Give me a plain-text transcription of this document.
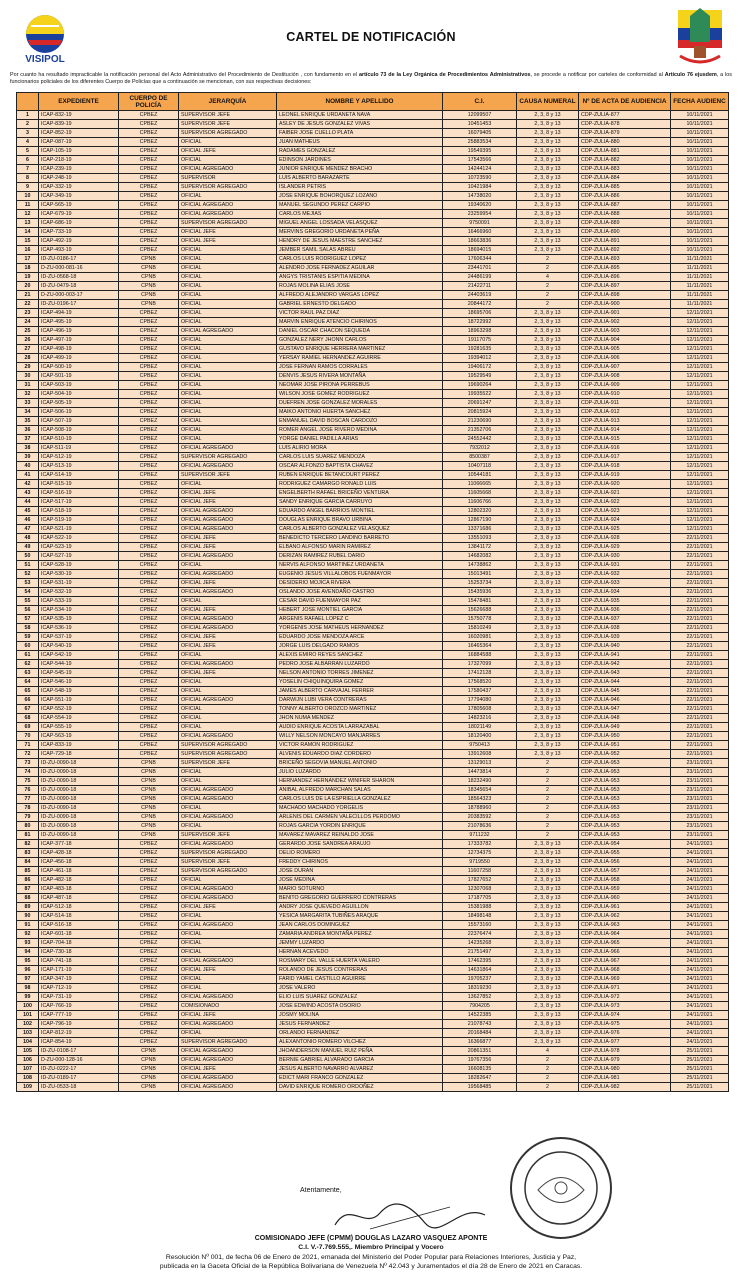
VISIPOL
CARTEL DE NOTIFICACIÓN
Por cuanto ha resultado impracticable la notificación personal del Acto Administrativo del Procedimiento de Destitución , con fundamento en el artículo 73 de la Ley Orgánica de Procedimientos Administrativos, se procede a notificar por carteles de conformidad al Artículo 76 ejusdem, a los funcionarios policiales de los diferentes Cuerpo de Policías que a continuación se mencionan, con sus respectivas decisiones:
	EXPEDIENTE	CUERPO DE POLICÍA	JERARQUÍA	NOMBRE Y APELLIDO	C.I.	CAUSA NUMERAL	Nº DE ACTA DE AUDIENCIA	FECHA AUDIENC
1	ICAP-832-19	CPBEZ	SUPERVISOR JEFE	LEONEL ENRIQUE URDANETA NAVA	12099507	2, 3, 8 y 13	CDP-ZULIA-877	10/11/2021
2	ICAP-839-19	CPBEZ	SUPERVISOR JEFE	ASLEY DE JESUS GONZALEZ VIVAS	10451453	2, 3, 8 y 13	CDP-ZULIA-878	10/11/2021
3	ICAP-852-19	CPBEZ	SUPERVISOR AGREGADO	FAIBER JOSE CUELLO PLATA	16079405	2, 3, 8 y 13	CDP-ZULIA-879	10/11/2021
4	ICAP-087-19	CPBEZ	OFICIAL	JUAN MATHEUS	25883534	2, 3, 8 y 13	CDP-ZULIA-880	10/11/2021
5	ICAP-105-19	CPBEZ	OFICIAL JEFE	RADAMES GONZALEZ	19549395	2, 3, 8 y 13	CDP-ZULIA-881	10/11/2021
6	ICAP-218-19	CPBEZ	OFICIAL	EDINSON JARDINES	17543566	2, 3, 8 y 13	CDP-ZULIA-882	10/11/2021
7	ICAP-239-19	CPBEZ	OFICIAL AGREGADO	JUNIOR ENRIQUE MENDEZ BRACHO	14244124	2, 3, 8 y 13	CDP-ZULIA-883	10/11/2021
8	ICAP-248-19	CPBEZ	SUPERVISOR	LUIS ALBERTO BARAZARTE	10723590	2, 3, 8 y 13	CDP-ZULIA-884	10/11/2021
9	ICAP-332-19	CPBEZ	SUPERVISOR AGREGADO	ISLANDER PETRIS	10421984	2, 3, 8 y 13	CDP-ZULIA-885	10/11/2021
10	ICAP-349-19	CPBEZ	OFICIAL	JOSE ENRIQUE BOHORQUEZ LOZANO	14738020	2, 3, 8 y 13	CDP-ZULIA-886	10/11/2021
11	ICAP-565-19	CPBEZ	OFICIAL AGREGADO	MANUEL SEGUNDO PEREZ CARPIO	19340620	2, 3, 8 y 13	CDP-ZULIA-887	10/11/2021
12	ICAP-679-19	CPBEZ	OFICIAL AGREGADO	CARLOS MEJIAS	23259954	2, 3, 8 y 13	CDP-ZULIA-888	10/11/2021
13	ICAP-686-19	CPBEZ	SUPERVISOR AGREGADO	MIGUEL ANGEL LOSSADA VELASQUEZ	9750091	2, 3, 8 y 13	CDP-ZULIA-889	10/11/2021
14	ICAP-733-19	CPBEZ	OFICIAL JEFE	MERVINS GREGORIO URDANETA PEÑA	16466960	2, 3, 8 y 13	CDP-ZULIA-890	10/11/2021
15	ICAP-492-19	CPBEZ	OFICIAL JEFE	HENDRY DE JESUS MAESTRE SANCHEZ	18663836	2, 3, 8 y 13	CDP-ZULIA-891	10/11/2021
16	ICAP-493-19	CPBEZ	OFICIAL	JEMBER SAMIL SALAS ABREU	18694015	2, 3, 8 y 13	CDP-ZULIA-892	10/11/2021
17	ID-ZU-0186-17	CPNB	OFICIAL	CARLOS LUIS RODRIGUEZ LOPEZ	17606344	2	CDP-ZULIA-893	11/11/2021
18	D-ZU-000-081-16	CPNB	OFICIAL	ALENDRO JOSE FERNADEZ AGUILAR	23441701	2	CDP-ZULIA-895	11/11/2021
19	ID-ZU-0568-18	CPNB	OFICIAL	ANGYS TRISTANIS ESPITIA MEDINA	24486199	4	CDP-ZULIA-896	11/11/2021
20	ID-ZU-0479-18	CPNB	OFICIAL	ROJAS MOLINA ELIAS JOSE	21422711	2	CDP-ZULIA-897	11/11/2021
21	D-ZU-000-003-17	CPNB	OFICIAL	ALFREDO ALEJANDRO VARGAS LOPEZ	24403619	2	CDP-ZULIA-898	11/11/2021
22	ID-ZU-0196-17	CPNB	OFICIAL	GABRIEL ERNESTO DELGADO	20844172	2	CDP-ZULIA-900	11/11/2021
23	ICAP-494-19	CPBEZ	OFICIAL	VICTOR RAUL PAZ DIAZ	18695706	2, 3, 8 y 13	CDP-ZULIA-901	12/11/2021
24	ICAP-495-19	CPBEZ	OFICIAL	MARVIN ENRIQUE ATENCIO CHIRINOS	18722992	2, 3, 8 y 13	CDP-ZULIA-902	12/11/2021
25	ICAP-496-19	CPBEZ	OFICIAL AGREGADO	DANIEL OSCAR CHACON SEQUEDA	18963298	2, 3, 8 y 13	CDP-ZULIA-903	12/11/2021
26	ICAP-497-19	CPBEZ	OFICIAL	GONZALEZ NERY JHONN CARLOS	19117075	2, 3, 8 y 13	CDP-ZULIA-904	12/11/2021
27	ICAP-498-19	CPBEZ	OFICIAL	GUSTAVO ENRIQUE HERRERA MARTINEZ	19281635	2, 3, 8 y 13	CDP-ZULIA-905	12/11/2021
28	ICAP-499-19	CPBEZ	OFICIAL	YERSAY RAMIEL HERNANDEZ AGUIRRE	19394012	2, 3, 8 y 13	CDP-ZULIA-906	12/11/2021
29	ICAP-500-19	CPBEZ	OFICIAL	JOSE FERNAN RAMOS CORRALES	19406172	2, 3, 8 y 13	CDP-ZULIA-907	12/11/2021
30	ICAP-501-19	CPBEZ	OFICIAL	DENVIS JESUS RIVERA MONTAÑA	19529549	2, 3, 8 y 13	CDP-ZULIA-908	12/11/2021
31	ICAP-503-19	CPBEZ	OFICIAL	NEOMAR JOSE PIRONA PERREBUS	19690264	2, 3, 8 y 13	CDP-ZULIA-909	12/11/2021
32	ICAP-504-19	CPBEZ	OFICIAL	WILSON JOSE GOMEZ RODRIGUEZ	19935522	2, 3, 8 y 13	CDP-ZULIA-910	12/11/2021
33	ICAP-505-19	CPBEZ	OFICIAL	DUEFREN JOSE GONZALEZ MORALES	20691247	2, 3, 8 y 13	CDP-ZULIA-911	12/11/2021
34	ICAP-506-19	CPBEZ	OFICIAL	MAIKO ANTONIO HUERTA SANCHEZ	20815924	2, 3, 8 y 13	CDP-ZULIA-912	12/11/2021
35	ICAP-507-19	CPBEZ	OFICIAL	ENMANUEL DAVID BOSCAN CARDOZO	21230690	2, 3, 8 y 13	CDP-ZULIA-913	12/11/2021
36	ICAP-508-19	CPBEZ	OFICIAL	ROMER ANGEL JOSE RIVERO MEDINA	21352706	2, 3, 8 y 13	CDP-ZULIA-914	12/11/2021
37	ICAP-510-19	CPBEZ	OFICIAL	YORGE DANIEL PADILLA ARIAS	24552442	2, 3, 8 y 13	CDP-ZULIA-915	12/11/2021
38	ICAP-511-19	CPBEZ	OFICIAL AGREGADO	LUIS ALIRIO MORA	7932012	2, 3, 8 y 13	CDP-ZULIA-916	12/11/2021
39	ICAP-512-19	CPBEZ	SUPERVISOR AGREGADO	CARLOS LUIS SUAREZ MENDOZA	8500387	2, 3, 8 y 13	CDP-ZULIA-917	12/11/2021
40	ICAP-513-19	CPBEZ	OFICIAL AGREGADO	OSCAR ALFONZO BAPTISTA CHAVEZ	10407118	2, 3, 8 y 13	CDP-ZULIA-918	12/11/2021
41	ICAP-514-19	CPBEZ	SUPERVISOR JEFE	RUBEN ENRIQUE BETANCOURT PEREZ	10544181	2, 3, 8 y 13	CDP-ZULIA-919	12/11/2021
42	ICAP-515-19	CPBEZ	OFICIAL	RODRIGUEZ CAMARGO RONALD LUIS	11066665	2, 3, 8 y 13	CDP-ZULIA-920	12/11/2021
43	ICAP-516-19	CPBEZ	OFICIAL JEFE	ENGELBERTH RAFAEL BRICEÑO VENTURA	11605668	2, 3, 8 y 13	CDP-ZULIA-921	12/11/2021
44	ICAP-517-19	CPBEZ	OFICIAL JEFE	SANDY ENRIQUE GARCIA CARRUYO	11606766	2, 3, 8 y 13	CDP-ZULIA-922	12/11/2021
45	ICAP-518-19	CPBEZ	OFICIAL AGREGADO	EDUARDO ANGEL BARRIOS MONTIEL	12802320	2, 3, 8 y 13	CDP-ZULIA-923	12/11/2021
46	ICAP-519-19	CPBEZ	OFICIAL AGREGADO	DOUGLAS ENRIQUE BRAVO URBINA	12867190	2, 3, 8 y 13	CDP-ZULIA-924	12/11/2021
47	ICAP-521-19	CPBEZ	OFICIAL AGREGADO	CARLOS ALBERTO GONZALEZ VELASQUEZ	13371686	2, 3, 8 y 13	CDP-ZULIA-925	12/11/2021
48	ICAP-522-19	CPBEZ	OFICIAL JEFE	BENEDICTO TERCERO LANDINO BARRETO	13551093	2, 3, 8 y 13	CDP-ZULIA-928	22/11/2021
49	ICAP-523-19	CPBEZ	OFICIAL JEFE	ELBANO ALFONSO MARIN RAMIREZ	13841172	2, 3, 8 y 13	CDP-ZULIA-929	22/11/2021
50	ICAP-527-19	CPBEZ	OFICIAL AGREGADO	DERIZAN RAMIREZ RUBEL DARIO	14682082	2, 3, 8 y 13	CDP-ZULIA-930	22/11/2021
51	ICAP-528-19	CPBEZ	OFICIAL	NERVIS ALFONSO MARTINEZ URDANETA	14738862	2, 3, 8 y 13	CDP-ZULIA-931	22/11/2021
52	ICAP-530-19	CPBEZ	OFICIAL AGREGADO	EUGENIO JESUS VILLALOBOS FUENMAYOR	15013491	2, 3, 8 y 13	CDP-ZULIA-932	22/11/2021
53	ICAP-531-19	CPBEZ	OFICIAL JEFE	DESIDERIO MOJICA RIVERA	15253734	2, 3, 8 y 13	CDP-ZULIA-933	22/11/2021
54	ICAP-532-19	CPBEZ	OFICIAL AGREGADO	OSLANDO JOSE AVENDAÑO CASTRO	15435936	2, 3, 8 y 13	CDP-ZULIA-934	22/11/2021
55	ICAP-533-19	CPBEZ	OFICIAL	CESAR DAVID FUENMAYOR PAZ	15478481	2, 3, 8 y 13	CDP-ZULIA-935	22/11/2021
56	ICAP-534-19	CPBEZ	OFICIAL JEFE	HEBERT JOSE MONTIEL GARCIA	15626688	2, 3, 8 y 13	CDP-ZULIA-936	22/11/2021
57	ICAP-535-19	CPBEZ	OFICIAL AGREGADO	ARGENIS RAFAEL LOPEZ C	15750778	2, 3, 8 y 13	CDP-ZULIA-937	22/11/2021
58	ICAP-536-19	CPBEZ	OFICIAL AGREGADO	YORGENIS JOSE MATHEUS HERNANDEZ	15810249	2, 3, 8 y 13	CDP-ZULIA-938	22/11/2021
59	ICAP-537-19	CPBEZ	OFICIAL JEFE	EDUARDO JOSE MENDOZA ARCE	16020981	2, 3, 8 y 13	CDP-ZULIA-939	22/11/2021
60	ICAP-540-19	CPBEZ	OFICIAL JEFE	JORGE LUIS DELGADO RAMOS	16465364	2, 3, 8 y 13	CDP-ZULIA-940	22/11/2021
61	ICAP-542-19	CPBEZ	OFICIAL	ALEXIS EMIRO REYES SANCHEZ	16884588	2, 3, 8 y 13	CDP-ZULIA-941	22/11/2021
62	ICAP-544-19	CPBEZ	OFICIAL AGREGADO	PEDRO JOSE ALBARRAN LUZARDO	17327099	2, 3, 8 y 13	CDP-ZULIA-942	22/11/2021
63	ICAP-545-19	CPBEZ	OFICIAL JEFE	NELSON ANTONIO TORRES JIMENEZ	17412128	2, 3, 8 y 13	CDP-ZULIA-943	22/11/2021
64	ICAP-546-19	CPBEZ	OFICIAL	YOSELIN CHIQUINQUIRA GOMEZ	17568520	2, 3, 8 y 13	CDP-ZULIA-944	22/11/2021
65	ICAP-548-19	CPBEZ	OFICIAL	JAMES ALBERTO CARVAJAL FERRER	17580437	2, 3, 8 y 13	CDP-ZULIA-945	22/11/2021
66	ICAP-551-19	CPBEZ	OFICIAL AGREGADO	DARWIJN LUBI VERA CONTRERAS	17794080	2, 3, 8 y 13	CDP-ZULIA-946	22/11/2021
67	ICAP-552-19	CPBEZ	OFICIAL	TONNY ALBERTO OROZCO MARTINEZ	17805608	2, 3, 8 y 13	CDP-ZULIA-947	22/11/2021
68	ICAP-554-19	CPBEZ	OFICIAL	JHON NUMA MENDEZ	14823216	2, 3, 8 y 13	CDP-ZULIA-948	22/11/2021
69	ICAP-555-19	CPBEZ	OFICIAL	AUDIO ENRIQUE ACOSTA LARRAZABAL	18021149	2, 3, 8 y 13	CDP-ZULIA-949	22/11/2021
70	ICAP-563-19	CPBEZ	OFICIAL AGREGADO	WILLY NELSON MONCAYO MANJARRES	18120400	2, 3, 8 y 13	CDP-ZULIA-950	22/11/2021
71	ICAP-833-19	CPBEZ	SUPERVISOR AGREGADO	VICTOR RAMON RODRIGUEZ	9750413	2, 3, 8 y 13	CDP-ZULIA-951	22/11/2021
72	ICAP-729-18	CPBEZ	SUPERVISOR AGREGADO	ALVENIS EDUARDO DIAZ CORDERO	13912608	2, 3, 8 y 13	CDP-ZULIA-952	22/11/2021
73	ID-ZU-0090-18	CPNB	SUPERVISOR JEFE	BRICEÑO SEGOVIA MANUEL ANTONIO	13129013	2	CDP-ZULIA-953	23/11/2021
74	ID-ZU-0090-18	CPNB	OFICIAL	JULIO LUZARDO	14473814	2	CDP-ZULIA-953	23/11/2021
75	ID-ZU-0090-18	CPNB	OFICIAL	HERNANDEZ HERNANDEZ WINIFER SHARON	18232490	2	CDP-ZULIA-953	23/11/2021
76	ID-ZU-0090-18	CPNB	OFICIAL AGREGADO	ANIBAL ALFREDO MARCHAN SALAS	18345654	2	CDP-ZULIA-953	23/11/2021
77	ID-ZU-0090-18	CPNB	OFICIAL AGREGADO	CARLOS LUIS DE LA ESPRIELLA GONZALEZ	18564323	2	CDP-ZULIA-953	23/11/2021
78	ID-ZU-0090-18	CPNB	OFICIAL	MACHADO MACHADO YORGELIS	18788960	2	CDP-ZULIA-953	23/11/2021
79	ID-ZU-0090-18	CPNB	OFICIAL AGREGADO	ARLENIS DEL CARMEN VALECILLOS PERDOMO	20383592	2	CDP-ZULIA-953	23/11/2021
80	ID-ZU-0090-18	CPNB	OFICIAL	ROJAS GARCIA YORDIN ENRIQUE	21078636	2	CDP-ZULIA-953	23/11/2021
81	ID-ZU-0090-18	CPNB	SUPERVISOR JEFE	MAVAREZ MAVAREZ REINALDO JOSE	9711232	2	CDP-ZULIA-953	23/11/2021
82	ICAP-377-18	CPBEZ	OFICIAL AGREGADO	GERARDO JOSE SANDREA ARAUJO	17333782	2, 3, 8 y 13	CDP-ZULIA-954	24/11/2021
83	ICAP-428-18	CPBEZ	SUPERVISOR AGREGADO	DELIO ROMERO	12734375	2, 3, 8 y 13	CDP-ZULIA-955	24/11/2021
84	ICAP-456-18	CPBEZ	SUPERVISOR JEFE	FREDDY CHIRINOS	9719550	2, 3, 8 y 13	CDP-ZULIA-956	24/11/2021
85	ICAP-461-18	CPBEZ	SUPERVISOR AGREGADO	JOSE DURAN	11607258	2, 3, 8 y 13	CDP-ZULIA-957	24/11/2021
86	ICAP-482-18	CPBEZ	OFICIAL	JOSE MEDINA	17827652	2, 3, 8 y 13	CDP-ZULIA-958	24/11/2021
87	ICAP-483-18	CPBEZ	OFICIAL AGREGADO	MARIO SOTURNO	12307068	2, 3, 8 y 13	CDP-ZULIA-959	24/11/2021
88	ICAP-487-18	CPBEZ	OFICIAL AGREGADO	BENITO GREGORIO GUERRERO CONTRERAS	17187705	2, 3, 8 y 13	CDP-ZULIA-960	24/11/2021
89	ICAP-512-18	CPBEZ	OFICIAL JEFE	ANDRY JOSE QUEVEDO AGUILLON	15381988	2, 3, 8 y 13	CDP-ZULIA-961	24/11/2021
90	ICAP-514-18	CPBEZ	OFICIAL	YESICA MARGARITA TUBIÑES ARAQUE	18498148	2, 3, 8 y 13	CDP-ZULIA-962	24/11/2021
91	ICAP-516-18	CPBEZ	OFICIAL AGREGADO	JEAN CARLOS DOMINGUEZ	15573160	2, 3, 8 y 13	CDP-ZULIA-963	24/11/2021
92	ICAP-601-18	CPBEZ	OFICIAL	ZAMARIA ANDREA MONTAÑA PEREZ	22376474	2, 3, 8 y 13	CDP-ZULIA-964	24/11/2021
93	ICAP-704-18	CPBEZ	OFICIAL	JEMMY LUZARDO	14235268	2, 3, 8 y 13	CDP-ZULIA-965	24/11/2021
94	ICAP-730-18	CPBEZ	OFICIAL	HERNAN ACEVEDO	21751497	2, 3, 8 y 13	CDP-ZULIA-966	24/11/2021
95	ICAP-741-18	CPBEZ	OFICIAL AGREGADO	ROSMARY DEL VALLE HUERTA VALERO	17462395	2, 3, 8 y 13	CDP-ZULIA-967	24/11/2021
96	ICAP-171-19	CPBEZ	OFICIAL JEFE	ROLANDO DE JESUS CONTRERAS	14631864	2, 3, 8 y 13	CDP-ZULIA-968	24/11/2021
97	ICAP-347-19	CPBEZ	OFICIAL	FARID YAMEL CASTILLO AGUIRRE	19705237	2, 3, 8 y 13	CDP-ZULIA-969	24/11/2021
98	ICAP-712-19	CPBEZ	OFICIAL	JOSE VALERO	18319230	2, 3, 8 y 13	CDP-ZULIA-971	24/11/2021
99	ICAP-731-19	CPBEZ	OFICIAL AGREGADO	ELIO LUIS SUAREZ GONZALEZ	13627852	2, 3, 8 y 13	CDP-ZULIA-972	24/11/2021
100	ICAP-766-19	CPBEZ	COMISIONADO	JOSE EDWIND ACOSTA OSORIO	7904205	2, 3, 8 y 13	CDP-ZULIA-973	24/11/2021
101	ICAP-777-19	CPBEZ	OFICIAL JEFE	JOSMY MOLINA	14522385	2, 3, 8 y 13	CDP-ZULIA-974	24/11/2021
102	ICAP-796-19	CPBEZ	OFICIAL AGREGADO	JESUS FERNANDEZ	21078743	2, 3, 8 y 13	CDP-ZULIA-975	24/11/2021
103	ICAP-812-19	CPBEZ	OFICIAL	ORLANDO FERNANDEZ	20168484	2, 3, 8 y 13	CDP-ZULIA-976	24/11/2021
104	ICAP-854-19	CPBEZ	SUPERVISOR AGREGADO	ALEXANTONIO ROMERO VILCHEZ	16366877	2, 3, 8 y 13	CDP-ZULIA-977	24/11/2021
105	ID-ZU-0108-17	CPNB	OFICIAL AGREGADO	JHOANDERSON MANUEL RUIZ PEÑA	20861351	4	CDP-ZULIA-978	25/11/2021
106	D-ZU-000-128-16	CPNB	OFICIAL AGREGADO	BERNIE GABRIEL ALVARADO GARCIA	19767356	2	CDP-ZULIA-979	25/11/2021
107	ID-ZU-0222-17	CPNB	OFICIAL JEFE	JESUS ALBERTO NAVARRO ALVAREZ	16608135	2	CDP-ZULIA-980	25/11/2021
108	ID-ZU-0189-17	CPNB	OFICIAL AGREGADO	EDICT MARI FRANCO GONZALEZ	18282647	2	CDP-ZULIA-981	25/11/2021
109	ID-ZU-0533-18	CPNB	OFICIAL AGREGADO	DAVID ENRIQUE ROMERO ORDOÑEZ	19568485	2	CDP-ZULIA-982	25/11/2021
Atentamente,
COMISIONADO JEFE (CPMM) DOUGLAS LAZARO VASQUEZ APONTE
C.I. V.-7.769.555,. Miembro Principal y Vocero
Resolución Nº 001, de fecha 06 de Enero de 2021, emanada del Ministerio del Poder Popular para Relaciones Interiores, Justicia y Paz,
publicada en la Gaceta Oficial de la República Bolivariana de Venezuela Nº 42.043 y Juramentados el día 28 de Enero de 2021 en Caracas.
